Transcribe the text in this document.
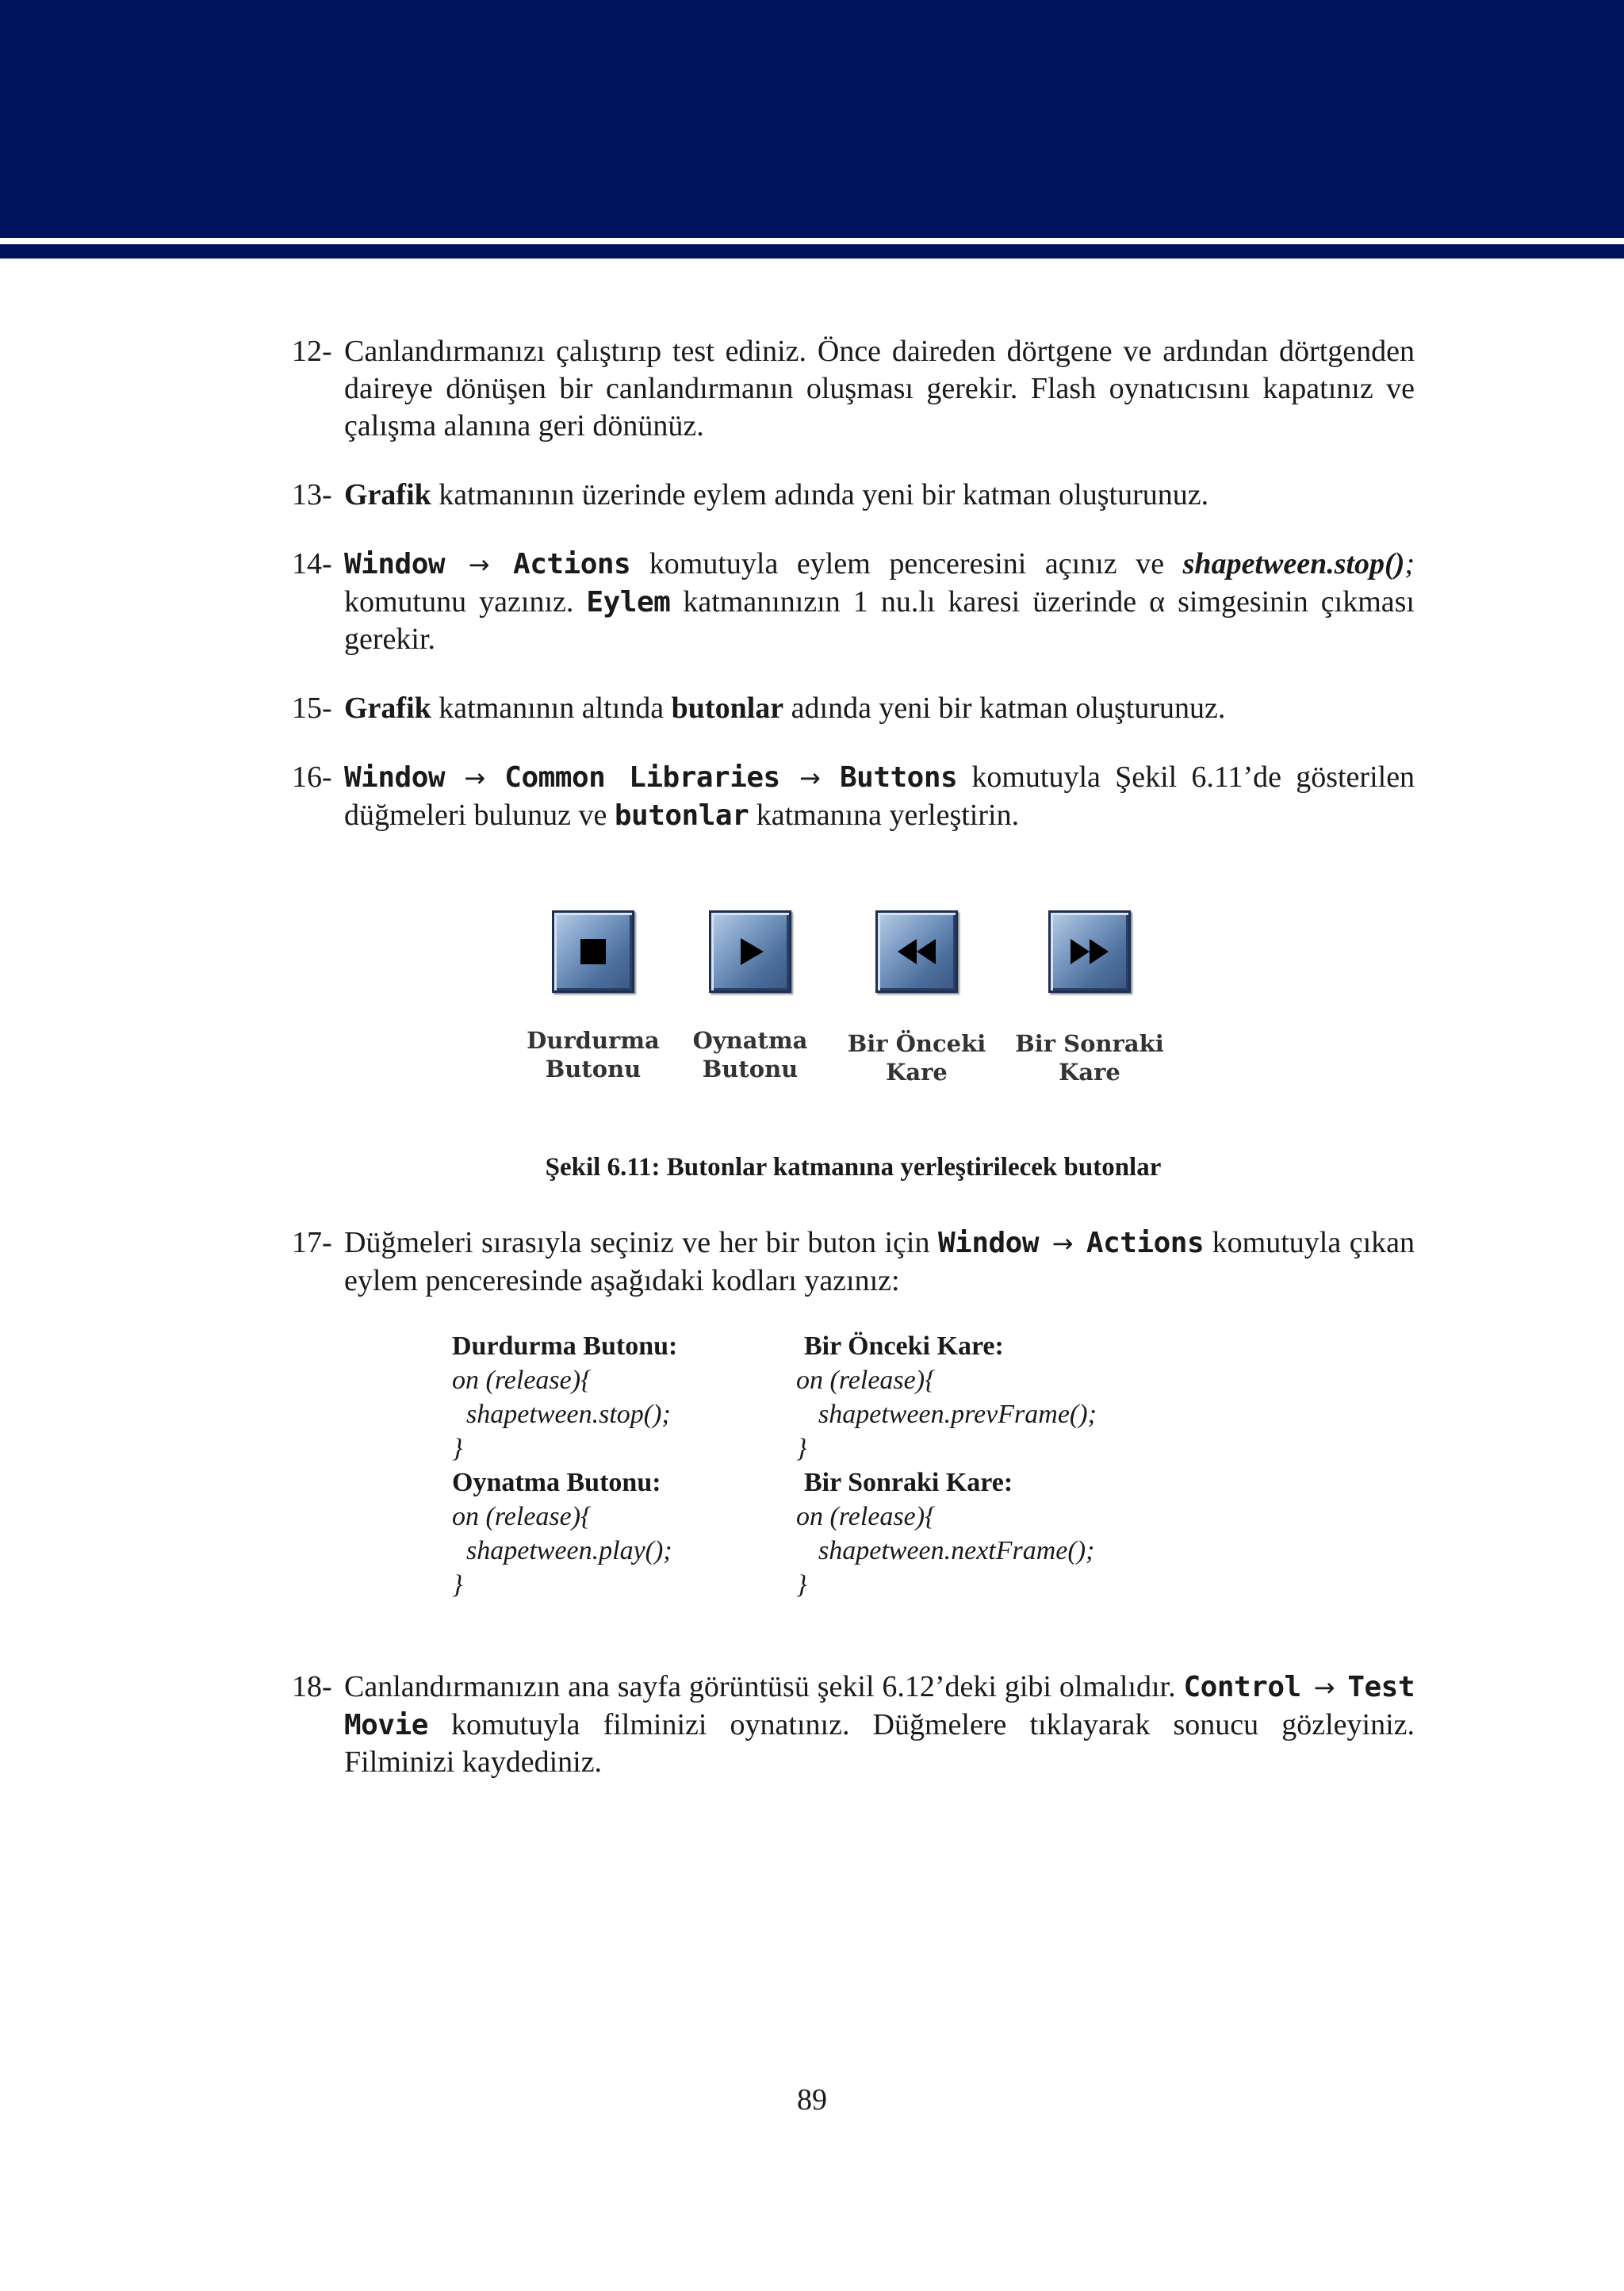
12- Canlandırmanızı çalıştırıp test ediniz. Önce daireden dörtgene ve ardından dörtgenden daireye dönüşen bir canlandırmanın oluşması gerekir. Flash oynatıcısını kapatınız ve çalışma alanına geri dönünüz.
13- Grafik katmanının üzerinde eylem adında yeni bir katman oluşturunuz.
14- Window → Actions komutuyla eylem penceresini açınız ve shapetween.stop(); komutunu yazınız. Eylem katmanınızın 1 nu.lı karesi üzerinde α simgesinin çıkması gerekir.
15- Grafik katmanının altında butonlar adında yeni bir katman oluşturunuz.
16- Window → Common Libraries → Buttons komutuyla Şekil 6.11’de gösterilen düğmeleri bulunuz ve butonlar katmanına yerleştirin.
Durdurma
Butonu
Oynatma
Butonu
Bir Önceki
Kare
Bir Sonraki
Kare
Şekil 6.11: Butonlar katmanına yerleştirilecek butonlar
17- Düğmeleri sırasıyla seçiniz ve her bir buton için Window → Actions komutuyla çıkan eylem penceresinde aşağıdaki kodları yazınız:
Durdurma Butonu:
on (release){
shapetween.stop();
}
Oynatma Butonu:
on (release){
shapetween.play();
}
Bir Önceki Kare:
on (release){
shapetween.prevFrame();
}
Bir Sonraki Kare:
on (release){
shapetween.nextFrame();
}
18- Canlandırmanızın ana sayfa görüntüsü şekil 6.12’deki gibi olmalıdır. Control → Test Movie komutuyla filminizi oynatınız. Düğmelere tıklayarak sonucu gözleyiniz. Filminizi kaydediniz.
89
